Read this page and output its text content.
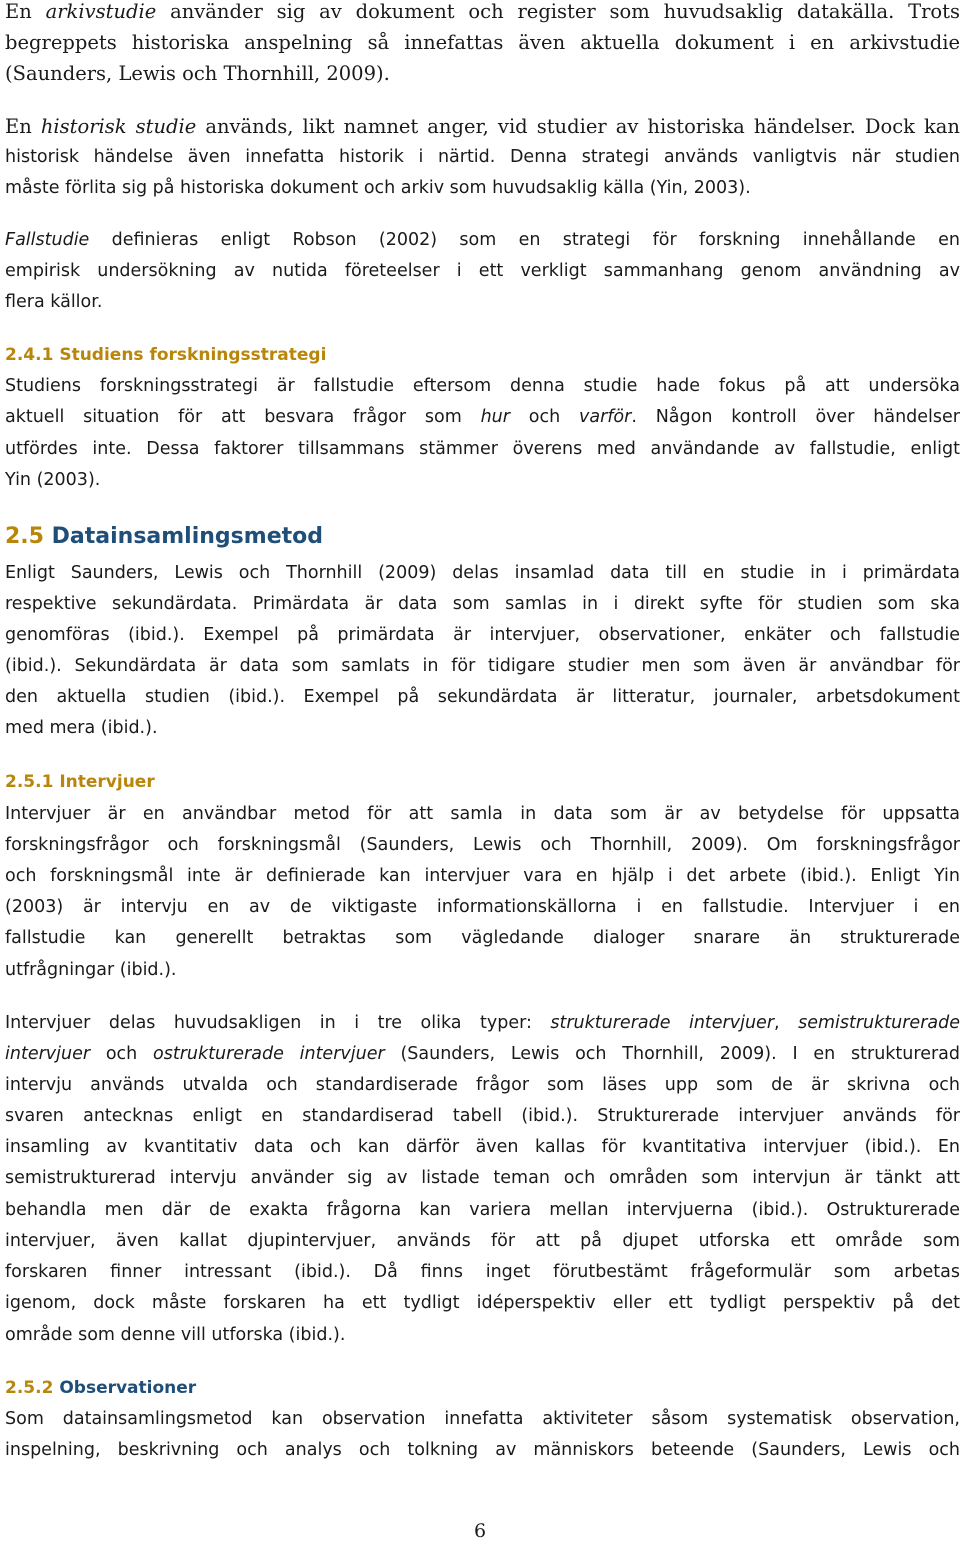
En arkivstudie använder sig av dokument och register som huvudsaklig datakälla. Trots

begreppets historiska anspelning så innefattas även aktuella dokument i en arkivstudie

(Saunders, Lewis och Thornhill, 2009).

En historisk studie används, likt namnet anger, vid studier av historiska händelser. Dock kan

historisk händelse även innefatta historik i närtid. Denna strategi används vanligtvis när studien

måste förlita sig på historiska dokument och arkiv som huvudsaklig källa (Yin, 2003).

Fallstudie definieras enligt Robson (2002) som en strategi för forskning innehållande en

empirisk undersökning av nutida företeelser i ett verkligt sammanhang genom användning av

flera källor.

2.4.1 Studiens forskningsstrategi

Studiens forskningsstrategi är fallstudie eftersom denna studie hade fokus på att undersöka

aktuell situation för att besvara frågor som hur och varför. Någon kontroll över händelser

utfördes inte. Dessa faktorer tillsammans stämmer överens med användande av fallstudie, enligt

Yin (2003).

2.5 Datainsamlingsmetod

Enligt Saunders, Lewis och Thornhill (2009) delas insamlad data till en studie in i primärdata

respektive sekundärdata. Primärdata är data som samlas in i direkt syfte för studien som ska

genomföras (ibid.). Exempel på primärdata är intervjuer, observationer, enkäter och fallstudie

(ibid.). Sekundärdata är data som samlats in för tidigare studier men som även är användbar för

den aktuella studien (ibid.). Exempel på sekundärdata är litteratur, journaler, arbetsdokument

med mera (ibid.).

2.5.1 Intervjuer

Intervjuer är en användbar metod för att samla in data som är av betydelse för uppsatta

forskningsfrågor och forskningsmål (Saunders, Lewis och Thornhill, 2009). Om forskningsfrågor

och forskningsmål inte är definierade kan intervjuer vara en hjälp i det arbete (ibid.). Enligt Yin

(2003) är intervju en av de viktigaste informationskällorna i en fallstudie. Intervjuer i en

fallstudie kan generellt betraktas som vägledande dialoger snarare än strukturerade

utfrågningar (ibid.).

Intervjuer delas huvudsakligen in i tre olika typer: strukturerade intervjuer, semistrukturerade

intervjuer och ostrukturerade intervjuer (Saunders, Lewis och Thornhill, 2009). I en strukturerad

intervju används utvalda och standardiserade frågor som läses upp som de är skrivna och

svaren antecknas enligt en standardiserad tabell (ibid.). Strukturerade intervjuer används för

insamling av kvantitativ data och kan därför även kallas för kvantitativa intervjuer (ibid.). En

semistrukturerad intervju använder sig av listade teman och områden som intervjun är tänkt att

behandla men där de exakta frågorna kan variera mellan intervjuerna (ibid.). Ostrukturerade

intervjuer, även kallat djupintervjuer, används för att på djupet utforska ett område som

forskaren finner intressant (ibid.). Då finns inget förutbestämt frågeformulär som arbetas

igenom, dock måste forskaren ha ett tydligt idéperspektiv eller ett tydligt perspektiv på det

område som denne vill utforska (ibid.).

2.5.2 Observationer

Som datainsamlingsmetod kan observation innefatta aktiviteter såsom systematisk observation,

inspelning, beskrivning och analys och tolkning av människors beteende (Saunders, Lewis och

6
